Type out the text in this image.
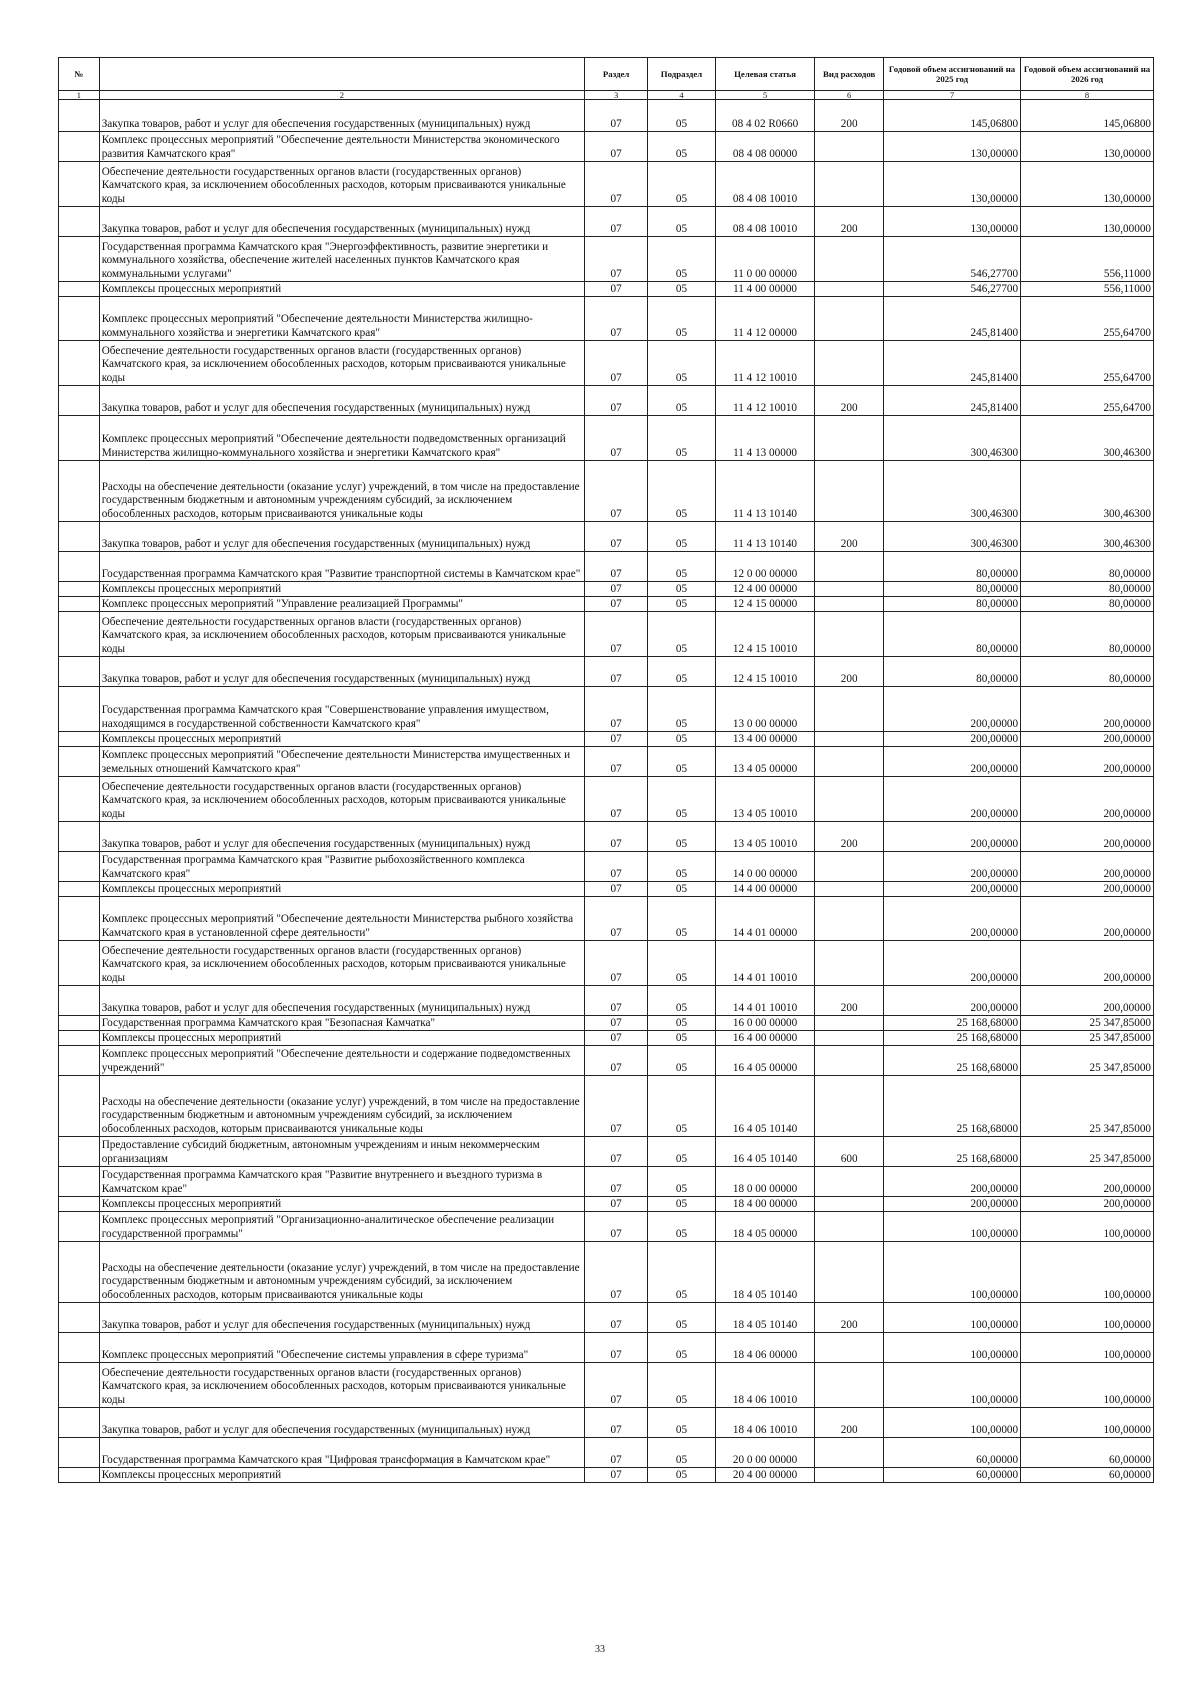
№		Раздел	Подраздел	Целевая статья	Вид расходов	Годовой объем ассигнований на 2025 год	Годовой объем ассигнований на 2026 год
1	2	3	4	5	6	7	8
	Закупка товаров, работ и услуг для обеспечения государственных (муниципальных) нужд	07	05	08 4 02 R0660	200	145,06800	145,06800
	Комплекс процессных мероприятий "Обеспечение деятельности Министерства экономического развития Камчатского края"	07	05	08 4 08 00000		130,00000	130,00000
	Обеспечение деятельности государственных органов власти (государственных органов) Камчатского края, за исключением обособленных расходов, которым присваиваются уникальные коды	07	05	08 4 08 10010		130,00000	130,00000
	Закупка товаров, работ и услуг для обеспечения государственных (муниципальных) нужд	07	05	08 4 08 10010	200	130,00000	130,00000
	Государственная программа Камчатского края "Энергоэффективность, развитие энергетики и коммунального хозяйства, обеспечение жителей населенных пунктов Камчатского края коммунальными услугами"	07	05	11 0 00 00000		546,27700	556,11000
	Комплексы процессных мероприятий	07	05	11 4 00 00000		546,27700	556,11000
	Комплекс процессных мероприятий "Обеспечение деятельности Министерства жилищно-коммунального хозяйства и энергетики Камчатского края"	07	05	11 4 12 00000		245,81400	255,64700
	Обеспечение деятельности государственных органов власти (государственных органов) Камчатского края, за исключением обособленных расходов, которым присваиваются уникальные коды	07	05	11 4 12 10010		245,81400	255,64700
	Закупка товаров, работ и услуг для обеспечения государственных (муниципальных) нужд	07	05	11 4 12 10010	200	245,81400	255,64700
	Комплекс процессных мероприятий "Обеспечение деятельности подведомственных организаций Министерства жилищно-коммунального хозяйства и энергетики Камчатского края"	07	05	11 4 13 00000		300,46300	300,46300
	Расходы на обеспечение деятельности (оказание услуг) учреждений, в том числе на предоставление государственным бюджетным и автономным учреждениям субсидий, за исключением обособленных расходов, которым присваиваются уникальные коды	07	05	11 4 13 10140		300,46300	300,46300
	Закупка товаров, работ и услуг для обеспечения государственных (муниципальных) нужд	07	05	11 4 13 10140	200	300,46300	300,46300
	Государственная программа Камчатского края "Развитие транспортной системы в Камчатском крае"	07	05	12 0 00 00000		80,00000	80,00000
	Комплексы процессных мероприятий	07	05	12 4 00 00000		80,00000	80,00000
	Комплекс процессных мероприятий "Управление реализацией Программы"	07	05	12 4 15 00000		80,00000	80,00000
	Обеспечение деятельности государственных органов власти (государственных органов) Камчатского края, за исключением обособленных расходов, которым присваиваются уникальные коды	07	05	12 4 15 10010		80,00000	80,00000
	Закупка товаров, работ и услуг для обеспечения государственных (муниципальных) нужд	07	05	12 4 15 10010	200	80,00000	80,00000
	Государственная программа Камчатского края "Совершенствование управления имуществом, находящимся в государственной собственности Камчатского края"	07	05	13 0 00 00000		200,00000	200,00000
	Комплексы процессных мероприятий	07	05	13 4 00 00000		200,00000	200,00000
	Комплекс процессных мероприятий "Обеспечение деятельности Министерства имущественных и земельных отношений Камчатского края"	07	05	13 4 05 00000		200,00000	200,00000
	Обеспечение деятельности государственных органов власти (государственных органов) Камчатского края, за исключением обособленных расходов, которым присваиваются уникальные коды	07	05	13 4 05 10010		200,00000	200,00000
	Закупка товаров, работ и услуг для обеспечения государственных (муниципальных) нужд	07	05	13 4 05 10010	200	200,00000	200,00000
	Государственная программа Камчатского края "Развитие рыбохозяйственного комплекса Камчатского края"	07	05	14 0 00 00000		200,00000	200,00000
	Комплексы процессных мероприятий	07	05	14 4 00 00000		200,00000	200,00000
	Комплекс процессных мероприятий "Обеспечение деятельности Министерства рыбного хозяйства Камчатского края в установленной сфере деятельности"	07	05	14 4 01 00000		200,00000	200,00000
	Обеспечение деятельности государственных органов власти (государственных органов) Камчатского края, за исключением обособленных расходов, которым присваиваются уникальные коды	07	05	14 4 01 10010		200,00000	200,00000
	Закупка товаров, работ и услуг для обеспечения государственных (муниципальных) нужд	07	05	14 4 01 10010	200	200,00000	200,00000
	Государственная программа Камчатского края "Безопасная Камчатка"	07	05	16 0 00 00000		25 168,68000	25 347,85000
	Комплексы процессных мероприятий	07	05	16 4 00 00000		25 168,68000	25 347,85000
	Комплекс процессных мероприятий "Обеспечение деятельности и содержание подведомственных учреждений"	07	05	16 4 05 00000		25 168,68000	25 347,85000
	Расходы на обеспечение деятельности (оказание услуг) учреждений, в том числе на предоставление государственным бюджетным и автономным учреждениям субсидий, за исключением обособленных расходов, которым присваиваются уникальные коды	07	05	16 4 05 10140		25 168,68000	25 347,85000
	Предоставление субсидий бюджетным, автономным учреждениям и иным некоммерческим организациям	07	05	16 4 05 10140	600	25 168,68000	25 347,85000
	Государственная программа Камчатского края "Развитие внутреннего и въездного туризма в Камчатском крае"	07	05	18 0 00 00000		200,00000	200,00000
	Комплексы процессных мероприятий	07	05	18 4 00 00000		200,00000	200,00000
	Комплекс процессных мероприятий "Организационно-аналитическое обеспечение реализации государственной программы"	07	05	18 4 05 00000		100,00000	100,00000
	Расходы на обеспечение деятельности (оказание услуг) учреждений, в том числе на предоставление государственным бюджетным и автономным учреждениям субсидий, за исключением обособленных расходов, которым присваиваются уникальные коды	07	05	18 4 05 10140		100,00000	100,00000
	Закупка товаров, работ и услуг для обеспечения государственных (муниципальных) нужд	07	05	18 4 05 10140	200	100,00000	100,00000
	Комплекс процессных мероприятий "Обеспечение системы управления в сфере туризма"	07	05	18 4 06 00000		100,00000	100,00000
	Обеспечение деятельности государственных органов власти (государственных органов) Камчатского края, за исключением обособленных расходов, которым присваиваются уникальные коды	07	05	18 4 06 10010		100,00000	100,00000
	Закупка товаров, работ и услуг для обеспечения государственных (муниципальных) нужд	07	05	18 4 06 10010	200	100,00000	100,00000
	Государственная программа Камчатского края "Цифровая трансформация в Камчатском крае"	07	05	20 0 00 00000		60,00000	60,00000
	Комплексы процессных мероприятий	07	05	20 4 00 00000		60,00000	60,00000
33
